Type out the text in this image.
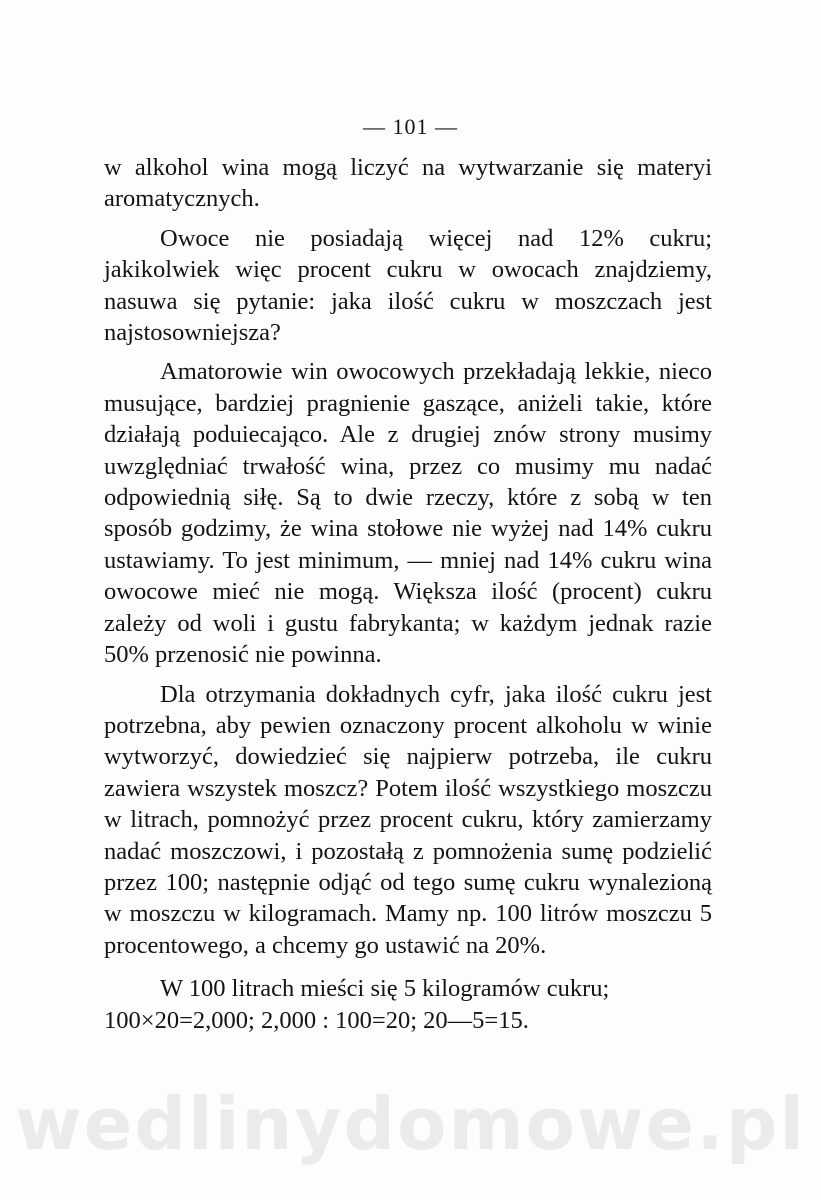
— 101 —

w alkohol wina mogą liczyć na wytwarzanie się materyi aromatycznych.

Owoce nie posiadają więcej nad 12% cukru; jakikolwiek więc procent cukru w owocach znajdziemy, nasuwa się pytanie: jaka ilość cukru w moszczach jest najstosowniejsza?

Amatorowie win owocowych przekładają lekkie, nieco musujące, bardziej pragnienie gaszące, aniżeli takie, które działają poduiecająco. Ale z drugiej znów strony musimy uwzględniać trwałość wina, przez co musimy mu nadać odpowiednią siłę. Są to dwie rzeczy, które z sobą w ten sposób godzimy, że wina stołowe nie wyżej nad 14% cukru ustawiamy. To jest minimum, — mniej nad 14% cukru wina owocowe mieć nie mogą. Większa ilość (procent) cukru zależy od woli i gustu fabrykanta; w każdym jednak razie 50% przenosić nie powinna.

Dla otrzymania dokładnych cyfr, jaka ilość cukru jest potrzebna, aby pewien oznaczony procent alkoholu w winie wytworzyć, dowiedzieć się najpierw potrzeba, ile cukru zawiera wszystek moszcz? Potem ilość wszystkiego moszczu w litrach, pomnożyć przez procent cukru, który zamierzamy nadać moszczowi, i pozostałą z pomnożenia sumę podzielić przez 100; następnie odjąć od tego sumę cukru wynalezioną w moszczu w kilogramach. Mamy np. 100 litrów moszczu 5 procentowego, a chcemy go ustawić na 20%.

W 100 litrach mieści się 5 kilogramów cukru; 100×20=2,000; 2,000 : 100=20; 20—5=15.

wedlinydomowe.pl
